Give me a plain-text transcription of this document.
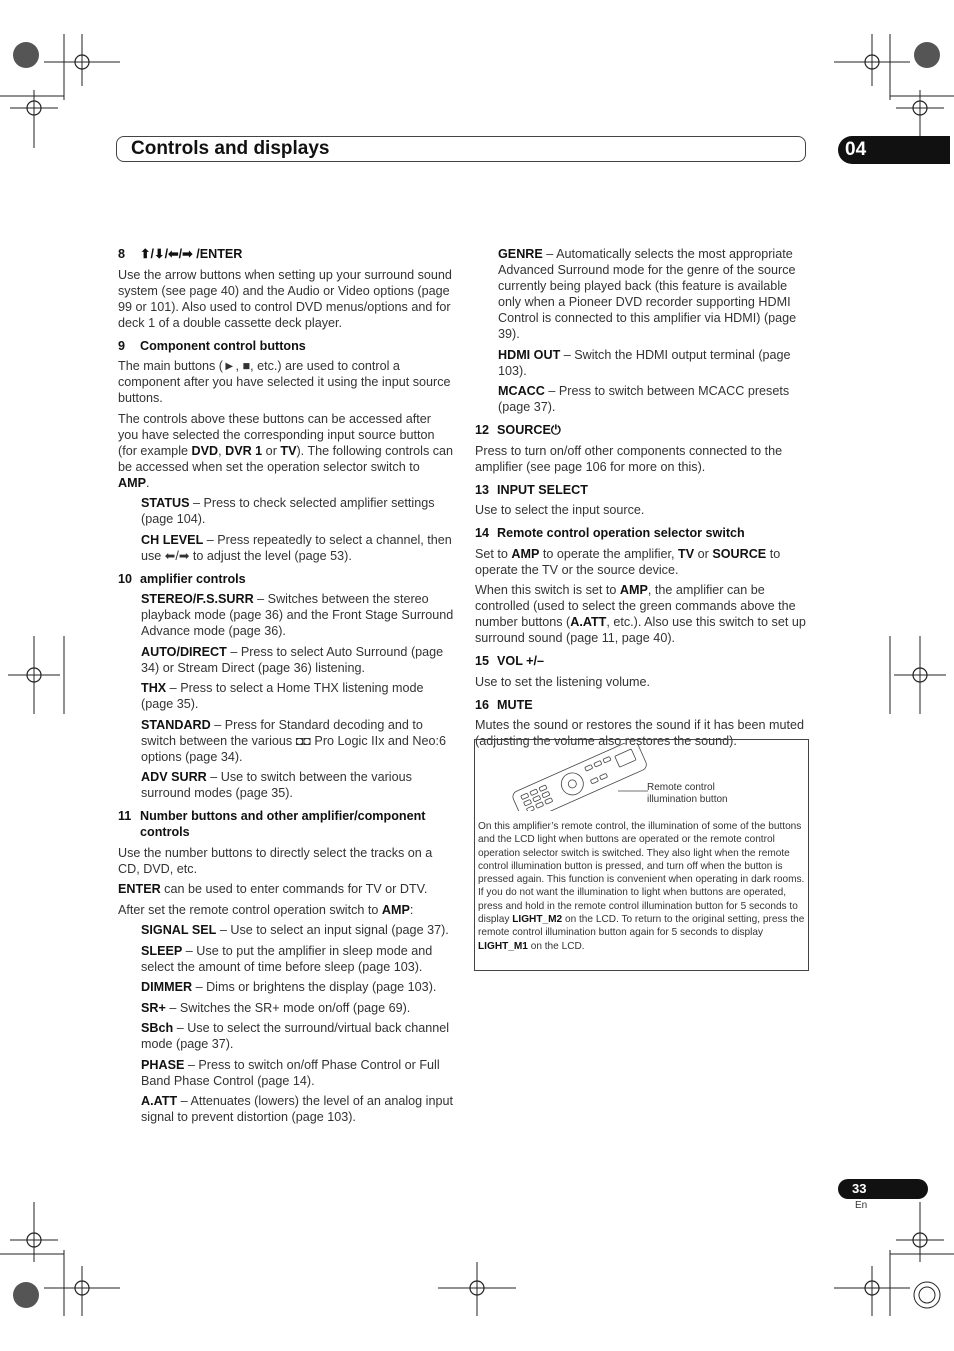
Controls and displays	04

8 ⬆/⬇/⬅/➡ /ENTER

Use the arrow buttons when setting up your surround sound system (see page 40) and the Audio or Video options (page 99 or 101). Also used to control DVD menus/options and for deck 1 of a double cassette deck player.

9 Component control buttons

The main buttons (►, ■, etc.) are used to control a component after you have selected it using the input source buttons.

The controls above these buttons can be accessed after you have selected the corresponding input source button (for example DVD, DVR 1 or TV). The following controls can be accessed when set the operation selector switch to AMP.

STATUS – Press to check selected amplifier settings (page 104).

CH LEVEL – Press repeatedly to select a channel, then use ⬅/➡ to adjust the level (page 53).

10 amplifier controls

STEREO/F.S.SURR – Switches between the stereo playback mode (page 36) and the Front Stage Surround Advance mode (page 36).

AUTO/DIRECT – Press to select Auto Surround (page 34) or Stream Direct (page 36) listening.

THX – Press to select a Home THX listening mode (page 35).

STANDARD – Press for Standard decoding and to switch between the various ◘◘ Pro Logic IIx and Neo:6 options (page 34).

ADV SURR – Use to switch between the various surround modes (page 35).

11 Number buttons and other amplifier/component controls

Use the number buttons to directly select the tracks on a CD, DVD, etc.

ENTER can be used to enter commands for TV or DTV.

After set the remote control operation switch to AMP:

SIGNAL SEL – Use to select an input signal (page 37).

SLEEP – Use to put the amplifier in sleep mode and select the amount of time before sleep (page 103).

DIMMER – Dims or brightens the display (page 103).

SR+ – Switches the SR+ mode on/off (page 69).

SBch – Use to select the surround/virtual back channel mode (page 37).

PHASE – Press to switch on/off Phase Control or Full Band Phase Control (page 14).

A.ATT – Attenuates (lowers) the level of an analog input signal to prevent distortion (page 103).

GENRE – Automatically selects the most appropriate Advanced Surround mode for the genre of the source currently being played back (this feature is available only when a Pioneer DVD recorder supporting HDMI Control is connected to this amplifier via HDMI) (page 39).

HDMI OUT – Switch the HDMI output terminal (page 103).

MCACC – Press to switch between MCACC presets (page 37).

12 SOURCE⏻

Press to turn on/off other components connected to the amplifier (see page 106 for more on this).

13 INPUT SELECT

Use to select the input source.

14 Remote control operation selector switch

Set to AMP to operate the amplifier, TV or SOURCE to operate the TV or the source device.

When this switch is set to AMP, the amplifier can be controlled (used to select the green commands above the number buttons (A.ATT, etc.). Also use this switch to set up surround sound (page 11, page 40).

15 VOL +/–

Use to set the listening volume.

16 MUTE

Mutes the sound or restores the sound if it has been muted (adjusting the volume also restores the sound).

Remote control
illumination button

On this amplifier’s remote control, the illumination of some of the buttons and the LCD light when buttons are operated or the remote control operation selector switch is switched. They also light when the remote control illumination button is pressed, and turn off when the button is pressed again. This function is convenient when operating in dark rooms.

If you do not want the illumination to light when buttons are operated, press and hold in the remote control illumination button for 5 seconds to display LIGHT_M2 on the LCD. To return to the original setting, press the remote control illumination button again for 5 seconds to display LIGHT_M1 on the LCD.

33
En
